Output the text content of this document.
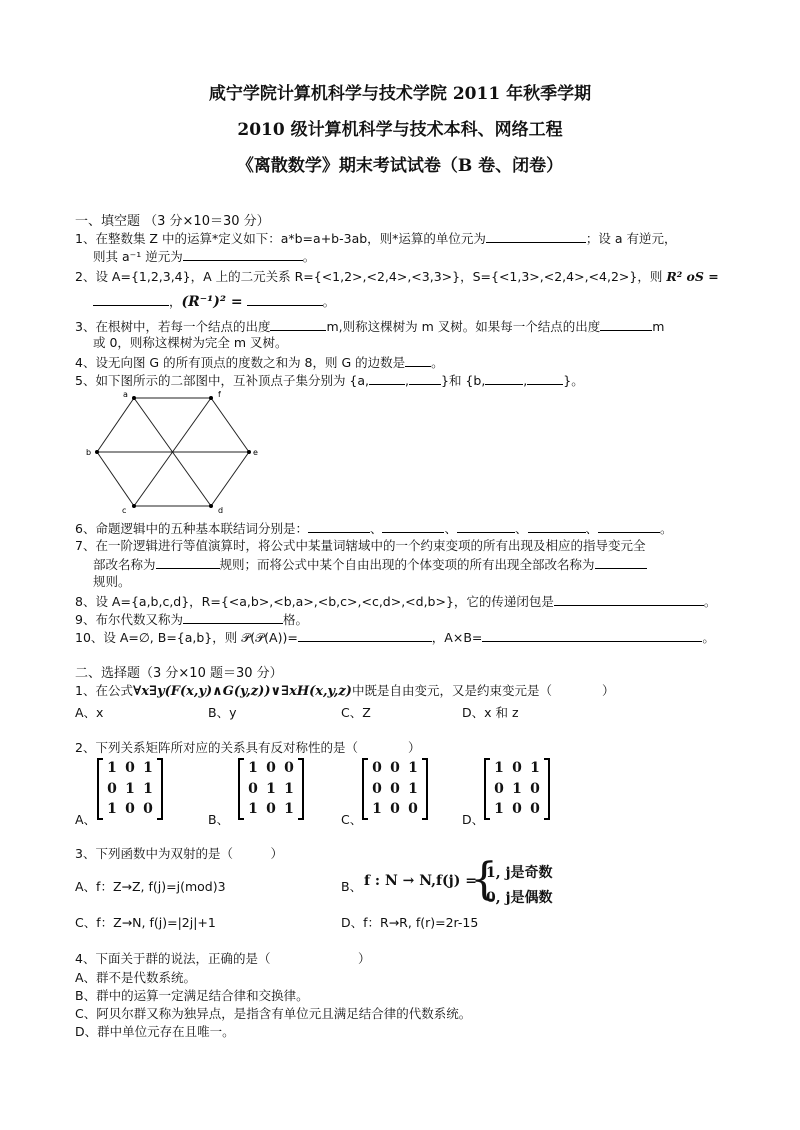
咸宁学院计算机科学与技术学院 2011 年秋季学期
2010 级计算机科学与技术本科、网络工程
《离散数学》期末考试试卷（B 卷、闭卷）
一、填空题 （3 分×10＝30 分）
1、在整数集 Z 中的运算*定义如下：a*b=a+b-3ab，则*运算的单位元为	；设 a 有逆元，
则其 a⁻¹ 逆元为	。
2、设 A={1,2,3,4}，A 上的二元关系 R={<1,2>,<2,4>,<3,3>}，S={<1,3>,<2,4>,<4,2>}，则 R² oS =
，(R⁻¹)² =	。
3、在根树中，若每一个结点的出度	m,则称这棵树为 m 叉树。如果每一个结点的出度	m
或 0，则称这棵树为完全 m 叉树。
4、设无向图 G 的所有顶点的度数之和为 8，则 G 的边数是 。
5、如下图所示的二部图中，互补顶点子集分别为 {a,	,	}和 {b,	,	}。
a	f
b	e
c	d
6、命题逻辑中的五种基本联结词分别是：	、	、	、	、	。
7、在一阶逻辑进行等值演算时，将公式中某量词辖域中的一个约束变项的所有出现及相应的指导变元全
部改名称为	规则；而将公式中某个自由出现的个体变项的所有出现全部改名称为
规则。
8、设 A={a,b,c,d}，R={<a,b>,<b,a>,<b,c>,<c,d>,<d,b>}，它的传递闭包是	。
9、布尔代数又称为	格。
10、设 A=∅, B={a,b}，则 𝒫(𝒫(A))=	，A×B=	。
二、选择题（3 分×10 题＝30 分）
1、在公式∀x∃y(F(x,y)∧G(y,z))∨∃xH(x,y,z)中既是自由变元，又是约束变元是（　　　　）
A、x	B、y	C、Z	D、x 和 z
2、下列关系矩阵所对应的关系具有反对称性的是（　　　　）
A、
1 0 1
0 1 1
1 0 0
B、
1 0 0
0 1 1
1 0 1
C、
0 0 1
0 0 1
1 0 0
D、
1 0 1
0 1 0
1 0 0
3、下列函数中为双射的是（　　　）
A、f：Z→Z, f(j)=j(mod)3	B、 f : N → N,f(j) =
{
1, j是奇数
0, j是偶数
C、f：Z→N, f(j)=|2j|+1	D、f：R→R, f(r)=2r-15
4、下面关于群的说法，正确的是（　　　　　　　）
A、群不是代数系统。
B、群中的运算一定满足结合律和交换律。
C、阿贝尔群又称为独异点，是指含有单位元且满足结合律的代数系统。
D、群中单位元存在且唯一。
